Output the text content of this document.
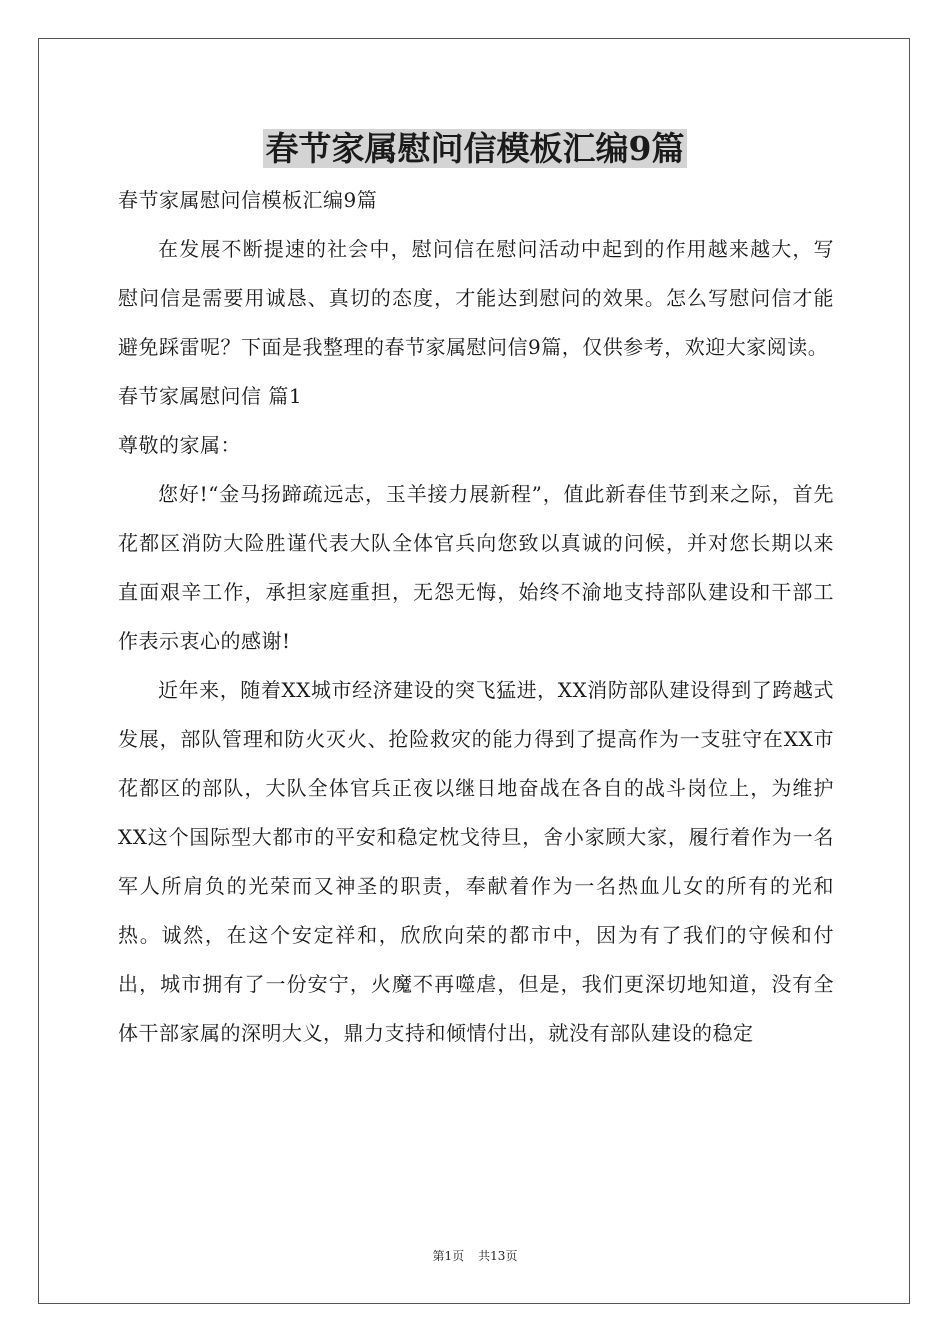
春节家属慰问信模板汇编9篇

春节家属慰问信模板汇编9篇

在发展不断提速的社会中，慰问信在慰问活动中起到的作用越来越大，写慰问信是需要用诚恳、真切的态度，才能达到慰问的效果。怎么写慰问信才能避免踩雷呢？下面是我整理的春节家属慰问信9篇，仅供参考，欢迎大家阅读。

春节家属慰问信 篇1

尊敬的家属：

您好!“金马扬蹄疏远志，玉羊接力展新程”，值此新春佳节到来之际，首先花都区消防大险胜谨代表大队全体官兵向您致以真诚的问候，并对您长期以来直面艰辛工作，承担家庭重担，无怨无悔，始终不渝地支持部队建设和干部工作表示衷心的感谢!

近年来，随着XX城市经济建设的突飞猛进，XX消防部队建设得到了跨越式发展，部队管理和防火灭火、抢险救灾的能力得到了提高作为一支驻守在XX市花都区的部队，大队全体官兵正夜以继日地奋战在各自的战斗岗位上，为维护XX这个国际型大都市的平安和稳定枕戈待旦，舍小家顾大家，履行着作为一名军人所肩负的光荣而又神圣的职责，奉献着作为一名热血儿女的所有的光和热。诚然，在这个安定祥和，欣欣向荣的都市中，因为有了我们的守候和付出，城市拥有了一份安宁，火魔不再噬虐，但是，我们更深切地知道，没有全体干部家属的深明大义，鼎力支持和倾情付出，就没有部队建设的稳定

第1页 共13页
